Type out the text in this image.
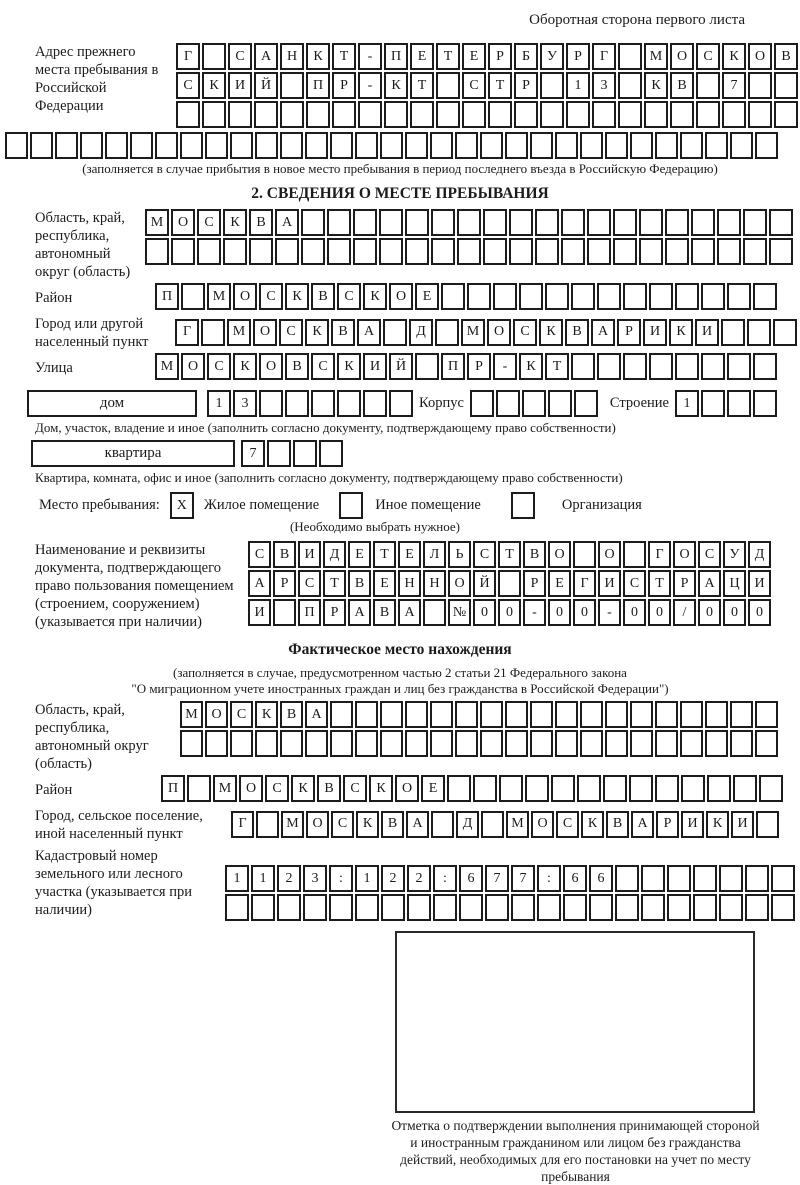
Оборотная сторона первого листа
Адрес прежнего места пребывания в Российской Федерации
Г	С	А	Н	К	Т	-	П	Е	Т	Е	Р	Б	У	Р	Г	М	О	С	К	О	В
С	К	И	Й	П	Р	-	К	Т	С	Т	Р	1	3	К	В	7
(заполняется в случае прибытия в новое место пребывания в период последнего въезда в Российскую Федерацию)
2. СВЕДЕНИЯ О МЕСТЕ ПРЕБЫВАНИЯ
Область, край, республика, автономный округ (область)
М	О	С	К	В	А
Район	П	М	О	С	К	В	С	К	О	Е
Город или другой населенный пункт
Г	М	О	С	К	В	А	Д	М	О	С	К	В	А	Р	И	К	И
Улица	М	О	С	К	О	В	С	К	И	Й	П	Р	-	К	Т
дом	1	3	Корпус	Строение	1
Дом, участок, владение и иное (заполнить согласно документу, подтверждающему право собственности)
квартира	7
Квартира, комната, офис и иное (заполнить согласно документу, подтверждающему право собственности)
Место пребывания:	X	Жилое помещение	Иное помещение	Организация
(Необходимо выбрать нужное)
Наименование и реквизиты документа, подтверждающего право пользования помещением (строением, сооружением) (указывается при наличии)
С	В	И	Д	Е	Т	Е	Л	Ь	С	Т	В	О	О	Г	О	С	У	Д
А	Р	С	Т	В	Е	Н	Н	О	Й	Р	Е	Г	И	С	Т	Р	А	Ц	И
И	П	Р	А	В	А	№	0	0	-	0	0	-	0	0	/	0	0	0
Фактическое место нахождения
(заполняется в случае, предусмотренном частью 2 статьи 21 Федерального закона
"О миграционном учете иностранных граждан и лиц без гражданства в Российской Федерации")
Область, край, республика, автономный округ (область)
М О	С	К	В	А
Район	П	М	О	С	К	В	С	К	О	Е
Город, сельское поселение, иной населенный пункт
Г	М О	С	К	В	А	Д	М О	С	К	В	А	Р	И	К	И
Кадастровый номер земельного или лесного участка (указывается при наличии)
1	1	2	3	:	1	2	2	:	6	7	7	:	6	6
Отметка о подтверждении выполнения принимающей стороной и иностранным гражданином или лицом без гражданства действий, необходимых для его постановки на учет по месту пребывания
